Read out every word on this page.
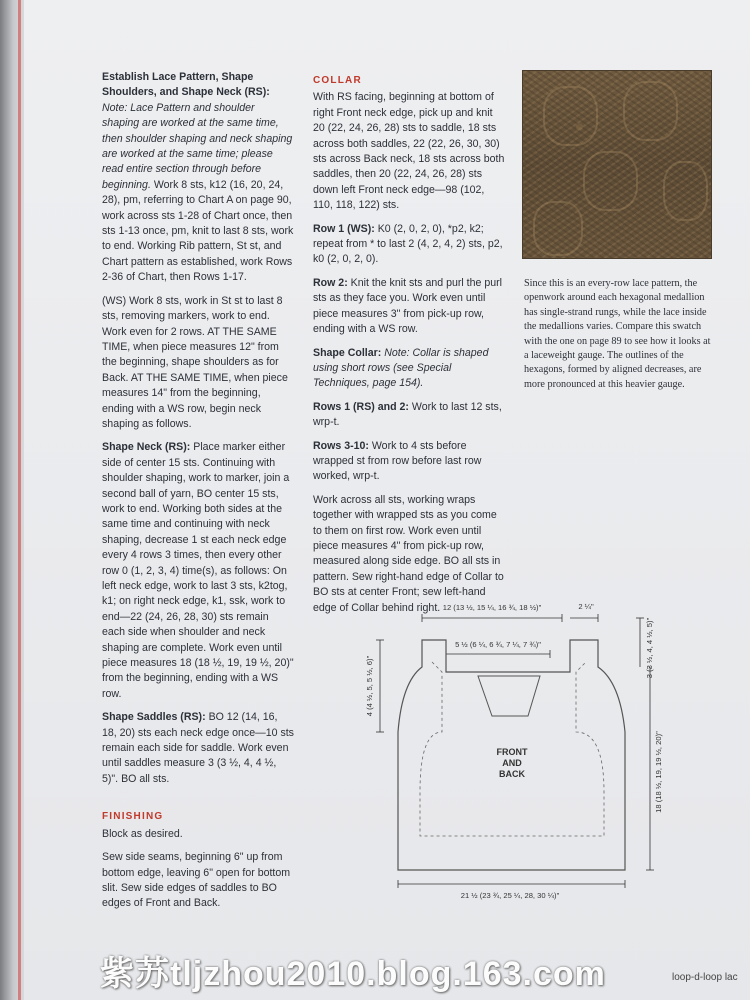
Establish Lace Pattern, Shape Shoulders, and Shape Neck (RS): Note: Lace Pattern and shoulder shaping are worked at the same time, then shoulder shaping and neck shaping are worked at the same time; please read entire section through before beginning. Work 8 sts, k12 (16, 20, 24, 28), pm, referring to Chart A on page 90, work across sts 1-28 of Chart once, then sts 1-13 once, pm, knit to last 8 sts, work to end. Working Rib pattern, St st, and Chart pattern as established, work Rows 2-36 of Chart, then Rows 1-17.

(WS) Work 8 sts, work in St st to last 8 sts, removing markers, work to end. Work even for 2 rows. AT THE SAME TIME, when piece measures 12" from the beginning, shape shoulders as for Back. AT THE SAME TIME, when piece measures 14" from the beginning, ending with a WS row, begin neck shaping as follows.

Shape Neck (RS): Place marker either side of center 15 sts. Continuing with shoulder shaping, work to marker, join a second ball of yarn, BO center 15 sts, work to end. Working both sides at the same time and continuing with neck shaping, decrease 1 st each neck edge every 4 rows 3 times, then every other row 0 (1, 2, 3, 4) time(s), as follows: On left neck edge, work to last 3 sts, k2tog, k1; on right neck edge, k1, ssk, work to end—22 (24, 26, 28, 30) sts remain each side when shoulder and neck shaping are complete. Work even until piece measures 18 (18 ½, 19, 19 ½, 20)" from the beginning, ending with a WS row.

Shape Saddles (RS): BO 12 (14, 16, 18, 20) sts each neck edge once—10 sts remain each side for saddle. Work even until saddles measure 3 (3 ½, 4, 4 ½, 5)". BO all sts.

FINISHING

Block as desired.

Sew side seams, beginning 6" up from bottom edge, leaving 6" open for bottom slit. Sew side edges of saddles to BO edges of Front and Back.

COLLAR

With RS facing, beginning at bottom of right Front neck edge, pick up and knit 20 (22, 24, 26, 28) sts to saddle, 18 sts across both saddles, 22 (22, 26, 30, 30) sts across Back neck, 18 sts across both saddles, then 20 (22, 24, 26, 28) sts down left Front neck edge—98 (102, 110, 118, 122) sts.

Row 1 (WS): K0 (2, 0, 2, 0), *p2, k2; repeat from * to last 2 (4, 2, 4, 2) sts, p2, k0 (2, 0, 2, 0).

Row 2: Knit the knit sts and purl the purl sts as they face you. Work even until piece measures 3" from pick-up row, ending with a WS row.

Shape Collar: Note: Collar is shaped using short rows (see Special Techniques, page 154).

Rows 1 (RS) and 2: Work to last 12 sts, wrp-t.

Rows 3-10: Work to 4 sts before wrapped st from row before last row worked, wrp-t.

Work across all sts, working wraps together with wrapped sts as you come to them on first row. Work even until piece measures 4" from pick-up row, measured along side edge. BO all sts in pattern. Sew right-hand edge of Collar to BO sts at center Front; sew left-hand edge of Collar behind right.

Since this is an every-row lace pattern, the openwork around each hexagonal medallion has single-strand rungs, while the lace inside the medallions varies. Compare this swatch with the one on page 89 to see how it looks at a laceweight gauge. The outlines of the hexagons, formed by aligned decreases, are more pronounced at this heavier gauge.
12 (13 ½, 15 ¼, 16 ¾, 18 ½)"	2 ¼"
5 ½ (6 ¼, 6 ¾, 7 ¼, 7 ¾)"
4 (4 ½, 5, 5 ½, 6)"
3 (3 ½, 4, 4 ½, 5)"
18 (18 ½, 19, 19 ½, 20)"
21 ½ (23 ¾, 25 ¼, 28, 30 ¼)"
FRONT
AND
BACK
紫苏tljzhou2010.blog.163.com	loop-d-loop lac
